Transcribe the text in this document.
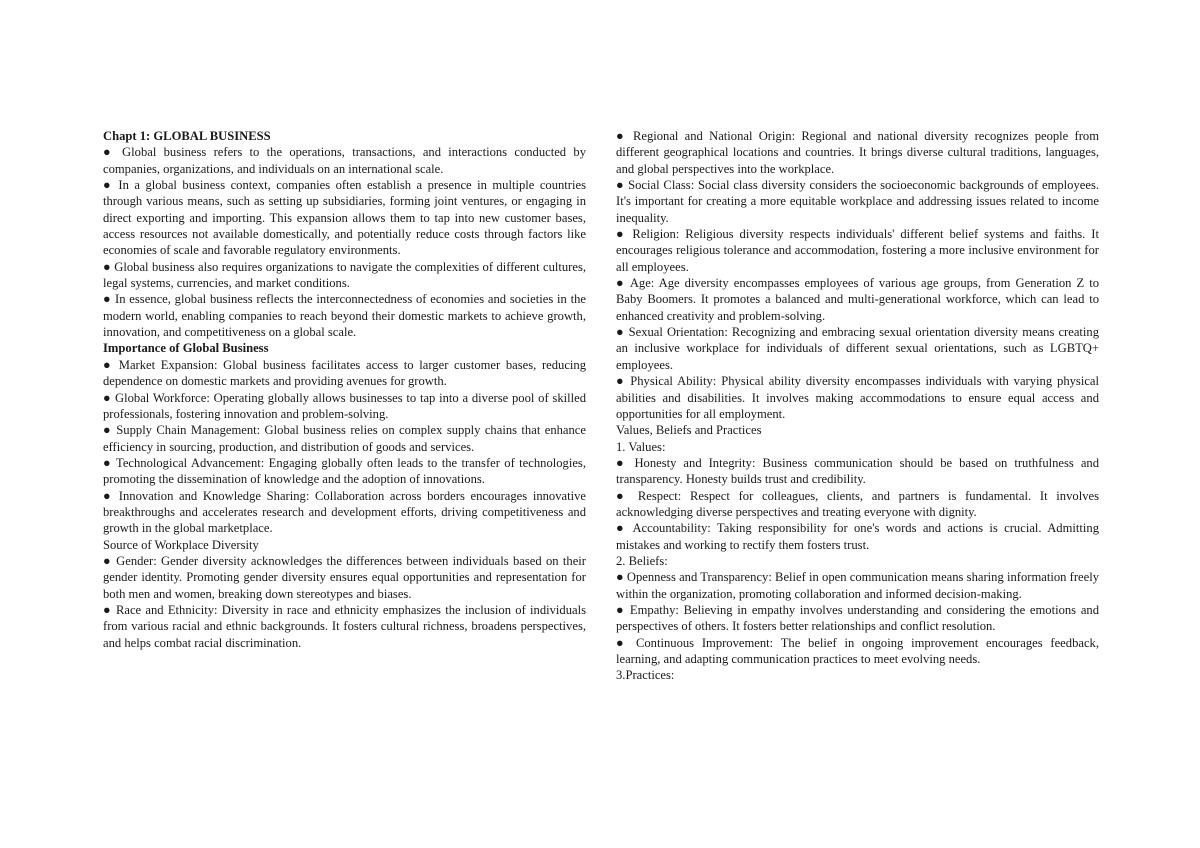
Chapt 1: GLOBAL BUSINESS

● Global business refers to the operations, transactions, and interactions conducted by companies, organizations, and individuals on an international scale.

● In a global business context, companies often establish a presence in multiple countries through various means, such as setting up subsidiaries, forming joint ventures, or engaging in direct exporting and importing. This expansion allows them to tap into new customer bases, access resources not available domestically, and potentially reduce costs through factors like economies of scale and favorable regulatory environments.

● Global business also requires organizations to navigate the complexities of different cultures, legal systems, currencies, and market conditions.

● In essence, global business reflects the interconnectedness of economies and societies in the modern world, enabling companies to reach beyond their domestic markets to achieve growth, innovation, and competitiveness on a global scale.

Importance of Global Business

● Market Expansion: Global business facilitates access to larger customer bases, reducing dependence on domestic markets and providing avenues for growth.

● Global Workforce: Operating globally allows businesses to tap into a diverse pool of skilled professionals, fostering innovation and problem-solving.

● Supply Chain Management: Global business relies on complex supply chains that enhance efficiency in sourcing, production, and distribution of goods and services.

● Technological Advancement: Engaging globally often leads to the transfer of technologies, promoting the dissemination of knowledge and the adoption of innovations.

● Innovation and Knowledge Sharing: Collaboration across borders encourages innovative breakthroughs and accelerates research and development efforts, driving competitiveness and growth in the global marketplace.

Source of Workplace Diversity

● Gender: Gender diversity acknowledges the differences between individuals based on their gender identity. Promoting gender diversity ensures equal opportunities and representation for both men and women, breaking down stereotypes and biases.

● Race and Ethnicity: Diversity in race and ethnicity emphasizes the inclusion of individuals from various racial and ethnic backgrounds. It fosters cultural richness, broadens perspectives, and helps combat racial discrimination.

● Regional and National Origin: Regional and national diversity recognizes people from different geographical locations and countries. It brings diverse cultural traditions, languages, and global perspectives into the workplace.

● Social Class: Social class diversity considers the socioeconomic backgrounds of employees. It's important for creating a more equitable workplace and addressing issues related to income inequality.

● Religion: Religious diversity respects individuals' different belief systems and faiths. It encourages religious tolerance and accommodation, fostering a more inclusive environment for all employees.

● Age: Age diversity encompasses employees of various age groups, from Generation Z to Baby Boomers. It promotes a balanced and multi-generational workforce, which can lead to enhanced creativity and problem-solving.

● Sexual Orientation: Recognizing and embracing sexual orientation diversity means creating an inclusive workplace for individuals of different sexual orientations, such as LGBTQ+ employees.

● Physical Ability: Physical ability diversity encompasses individuals with varying physical abilities and disabilities. It involves making accommodations to ensure equal access and opportunities for all employment.

Values, Beliefs and Practices

1. Values:

● Honesty and Integrity: Business communication should be based on truthfulness and transparency. Honesty builds trust and credibility.

● Respect: Respect for colleagues, clients, and partners is fundamental. It involves acknowledging diverse perspectives and treating everyone with dignity.

● Accountability: Taking responsibility for one's words and actions is crucial. Admitting mistakes and working to rectify them fosters trust.

2. Beliefs:

● Openness and Transparency: Belief in open communication means sharing information freely within the organization, promoting collaboration and informed decision-making.

● Empathy: Believing in empathy involves understanding and considering the emotions and perspectives of others. It fosters better relationships and conflict resolution.

● Continuous Improvement: The belief in ongoing improvement encourages feedback, learning, and adapting communication practices to meet evolving needs.

3.Practices:
